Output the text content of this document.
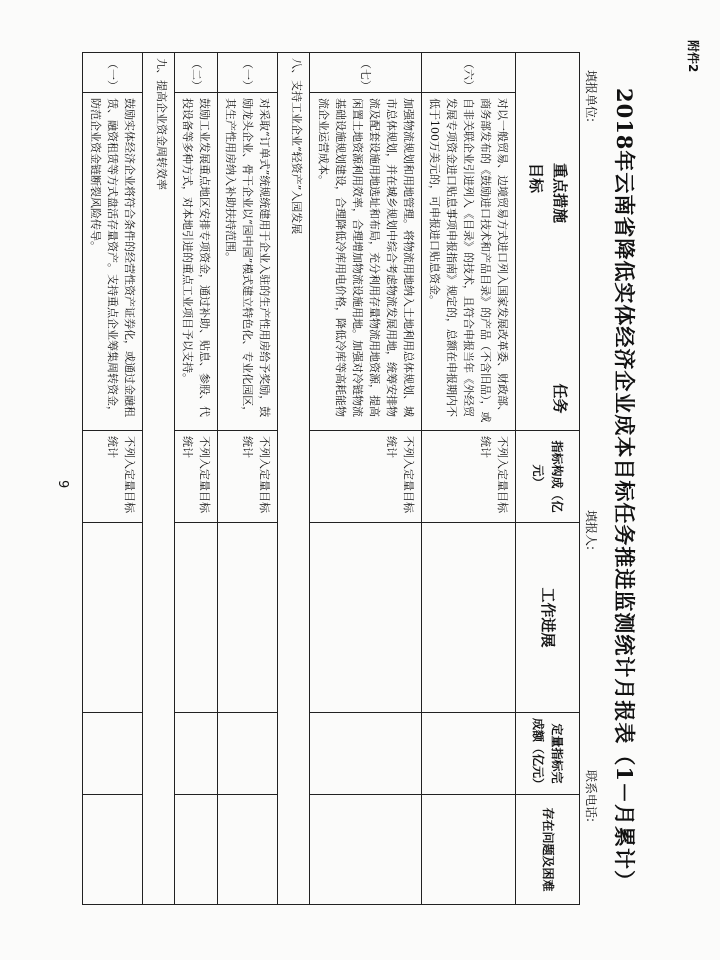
附件2
2018年云南省降低实体经济企业成本目标任务推进监测统计月报表（1－月累计）
填报单位:
填报人:
联系电话:
重点措施  任务目标		指标构成（亿元）	工作进展	定量指标完成额（亿元）	存在问题及困难
（六）	对以一般贸易、边境贸易方式进口列入国家发展改革委、财政部、商务部发布的《鼓励进口技术和产品目录》的产品（不含旧品），或自非关联企业引进列入《目录》的技术，且符合申报当年《外经贸发展专项资金进口贴息事项申报指南》规定的，总额在申报期内不低于100万美元的，可申报进口贴息资金。	不列入定量目标统计			
（七）	加强物流规划和用地管理。将物流用地纳入土地利用总体规划、城市总体规划，并在城乡规划中综合考虑物流发展用地，统筹安排物流及配套设施用地选址和布局，充分利用存量物流用地资源，提高闲置土地资源利用效率，合理增加物流设施用地。加强对冷链物流基础设施规划建设，合理降低冷库用电价格，降低冷库等高耗能物流企业运营成本。	不列入定量目标统计			
八、支持工业企业“轻资产”入园发展					
（一）	对采取“订单式”统规统建用于企业入驻的生产性用房给予奖励，鼓励龙头企业、骨干企业以“园中园”模式建立特色化、专业化园区，其生产性用房纳入补助扶持范围。	不列入定量目标统计			
（二）	鼓励工业发展重点地区安排专项资金，通过补助、贴息、参股、代投设备等多种方式，对本地引进的重点工业项目予以支持。	不列入定量目标统计			
九、提高企业资金周转效率					
（一）	鼓励实体经济企业将符合条件的经营性资产证券化，或通过金融租赁、融资租赁等方式盘活存量资产。支持重点企业筹集周转资金，防范企业资金链断裂风险传导。	不列入定量目标统计			
9
